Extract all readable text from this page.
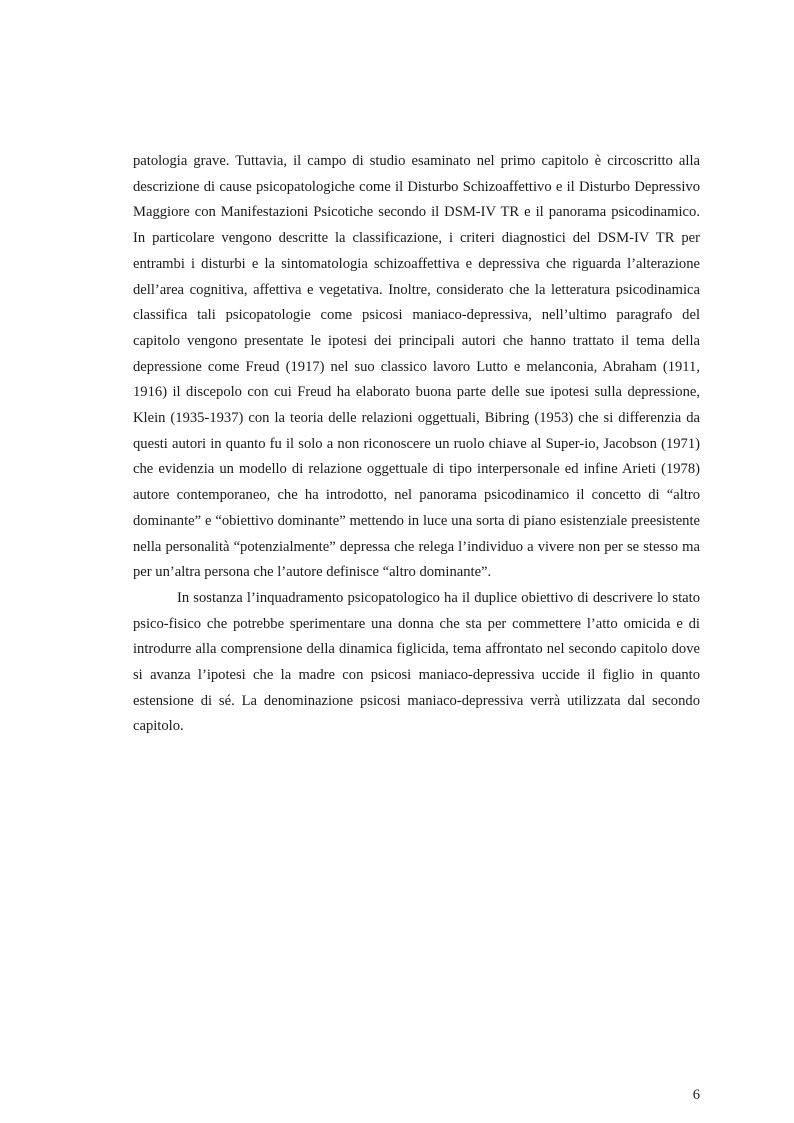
patologia grave. Tuttavia, il campo di studio esaminato nel primo capitolo è circoscritto alla descrizione di cause psicopatologiche come il Disturbo Schizoaffettivo e il Disturbo Depressivo Maggiore con Manifestazioni Psicotiche secondo il DSM-IV TR e il panorama psicodinamico. In particolare vengono descritte la classificazione, i criteri diagnostici del DSM-IV TR per entrambi i disturbi e la sintomatologia schizoaffettiva e depressiva che riguarda l’alterazione dell’area cognitiva, affettiva e vegetativa. Inoltre, considerato che la letteratura psicodinamica classifica tali psicopatologie come psicosi maniaco-depressiva, nell’ultimo paragrafo del capitolo vengono presentate le ipotesi dei principali autori che hanno trattato il tema della depressione come Freud (1917) nel suo classico lavoro Lutto e melanconia, Abraham (1911, 1916) il discepolo con cui Freud ha elaborato buona parte delle sue ipotesi sulla depressione, Klein (1935-1937) con la teoria delle relazioni oggettuali, Bibring (1953) che si differenzia da questi autori in quanto fu il solo a non riconoscere un ruolo chiave al Super-io, Jacobson (1971) che evidenzia un modello di relazione oggettuale di tipo interpersonale ed infine Arieti (1978) autore contemporaneo, che ha introdotto, nel panorama psicodinamico il concetto di “altro dominante” e “obiettivo dominante” mettendo in luce una sorta di piano esistenziale preesistente nella personalità “potenzialmente” depressa che relega l’individuo a vivere non per se stesso ma per un’altra persona che l’autore definisce “altro dominante”.

In sostanza l’inquadramento psicopatologico ha il duplice obiettivo di descrivere lo stato psico-fisico che potrebbe sperimentare una donna che sta per commettere l’atto omicida e di introdurre alla comprensione della dinamica figlicida, tema affrontato nel secondo capitolo dove si avanza l’ipotesi che la madre con psicosi maniaco-depressiva uccide il figlio in quanto estensione di sé. La denominazione psicosi maniaco-depressiva verrà utilizzata dal secondo capitolo.

6
